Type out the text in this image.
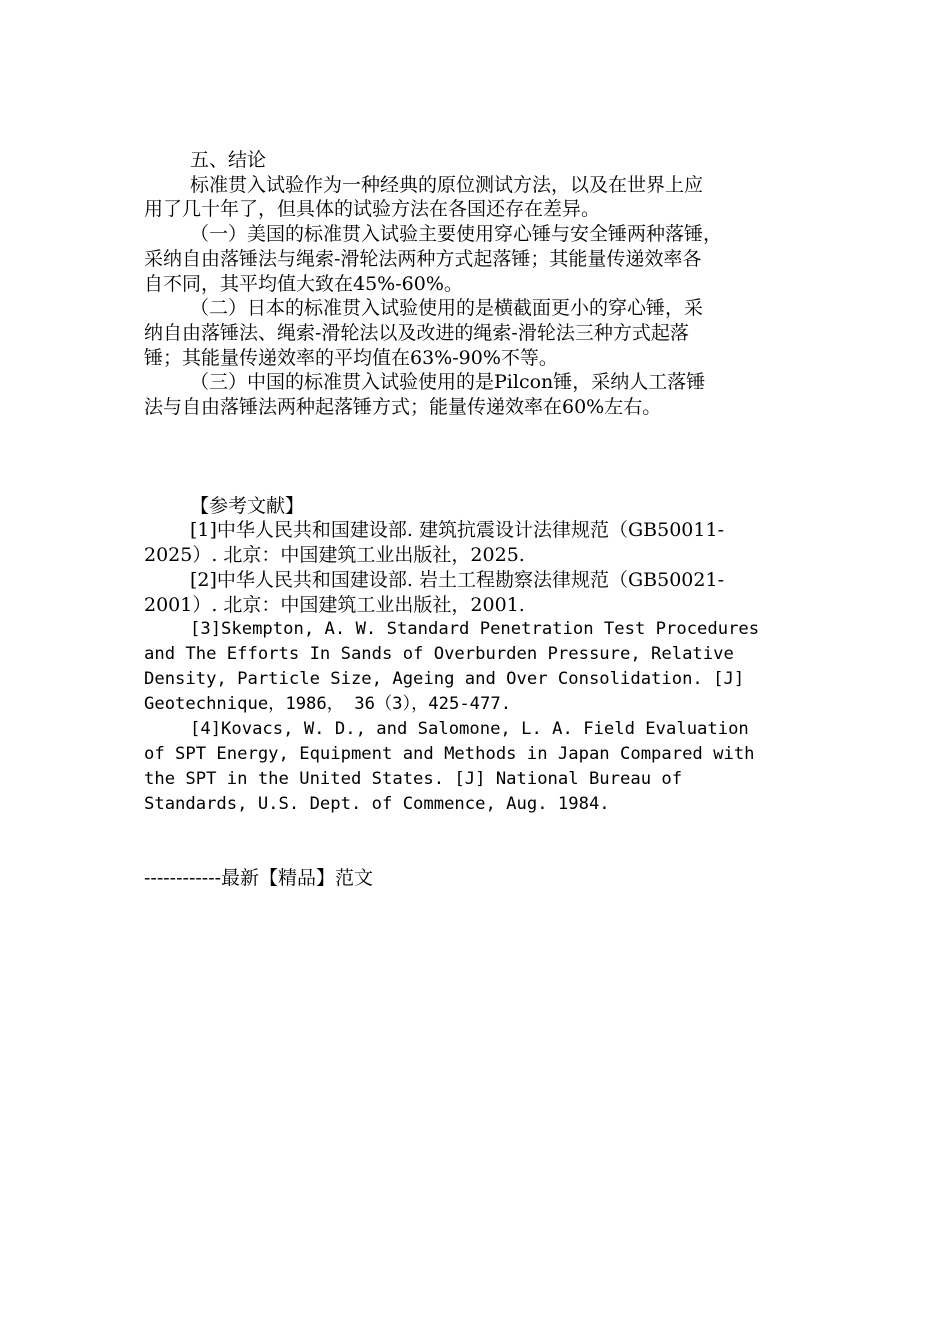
五、结论
标准贯入试验作为一种经典的原位测试方法，以及在世界上应
用了几十年了，但具体的试验方法在各国还存在差异。
（一）美国的标准贯入试验主要使用穿心锤与安全锤两种落锤，
采纳自由落锤法与绳索-滑轮法两种方式起落锤；其能量传递效率各
自不同，其平均值大致在45%-60%。
（二）日本的标准贯入试验使用的是横截面更小的穿心锤，采
纳自由落锤法、绳索-滑轮法以及改进的绳索-滑轮法三种方式起落
锤；其能量传递效率的平均值在63%-90%不等。
（三）中国的标准贯入试验使用的是Pilcon锤，采纳人工落锤
法与自由落锤法两种起落锤方式；能量传递效率在60%左右。
【参考文献】
[1]中华人民共和国建设部. 建筑抗震设计法律规范（GB50011-
2025）. 北京：中国建筑工业出版社，2025.
[2]中华人民共和国建设部. 岩土工程勘察法律规范（GB50021-
2001）. 北京：中国建筑工业出版社，2001.
[3]Skempton, A. W. Standard Penetration Test Procedures
and The Efforts In Sands of Overburden Pressure, Relative
Density, Particle Size, Ageing and Over Consolidation. [J]
Geotechnique，1986， 36（3），425-477.
[4]Kovacs, W. D., and Salomone, L. A. Field Evaluation
of SPT Energy, Equipment and Methods in Japan Compared with
the SPT in the United States. [J] National Bureau of
Standards, U.S. Dept. of Commence, Aug. 1984.
------------最新【精品】范文
